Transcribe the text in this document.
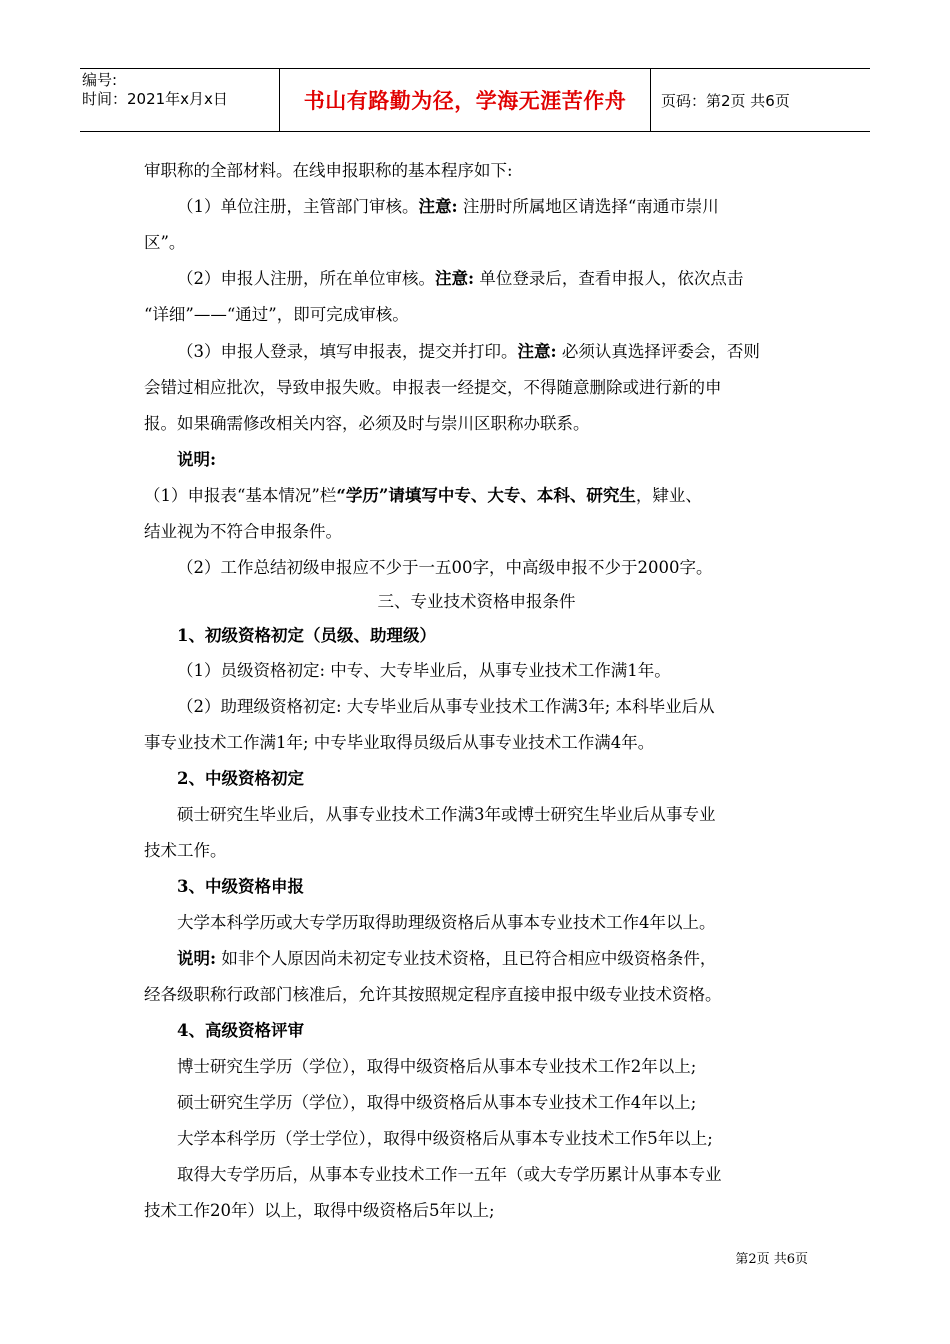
编号:
时间：2021年x月x日	书山有路勤为径，学海无涯苦作舟 页码：第2页 共6页
审职称的全部材料。在线申报职称的基本程序如下:
（1）单位注册，主管部门审核。注意: 注册时所属地区请选择“南通市崇川
区”。
（2）申报人注册，所在单位审核。注意: 单位登录后，查看申报人，依次点击
“详细”——“通过”，即可完成审核。
（3）申报人登录，填写申报表，提交并打印。注意: 必须认真选择评委会，否则
会错过相应批次，导致申报失败。申报表一经提交，不得随意删除或进行新的申
报。如果确需修改相关内容，必须及时与崇川区职称办联系。
说明:
（1）申报表“基本情况”栏“学历”请填写中专、大专、本科、研究生，肄业、
结业视为不符合申报条件。
（2）工作总结初级申报应不少于一五00字，中高级申报不少于2000字。
三、专业技术资格申报条件
1、初级资格初定（员级、助理级）
（1）员级资格初定: 中专、大专毕业后，从事专业技术工作满1年。
（2）助理级资格初定: 大专毕业后从事专业技术工作满3年; 本科毕业后从
事专业技术工作满1年; 中专毕业取得员级后从事专业技术工作满4年。
2、中级资格初定
硕士研究生毕业后，从事专业技术工作满3年或博士研究生毕业后从事专业
技术工作。
3、中级资格申报
大学本科学历或大专学历取得助理级资格后从事本专业技术工作4年以上。
说明: 如非个人原因尚未初定专业技术资格，且已符合相应中级资格条件，
经各级职称行政部门核准后，允许其按照规定程序直接申报中级专业技术资格。
4、高级资格评审
博士研究生学历（学位），取得中级资格后从事本专业技术工作2年以上;
硕士研究生学历（学位），取得中级资格后从事本专业技术工作4年以上;
大学本科学历（学士学位），取得中级资格后从事本专业技术工作5年以上;
取得大专学历后，从事本专业技术工作一五年（或大专学历累计从事本专业
技术工作20年）以上，取得中级资格后5年以上;
第2页 共6页
